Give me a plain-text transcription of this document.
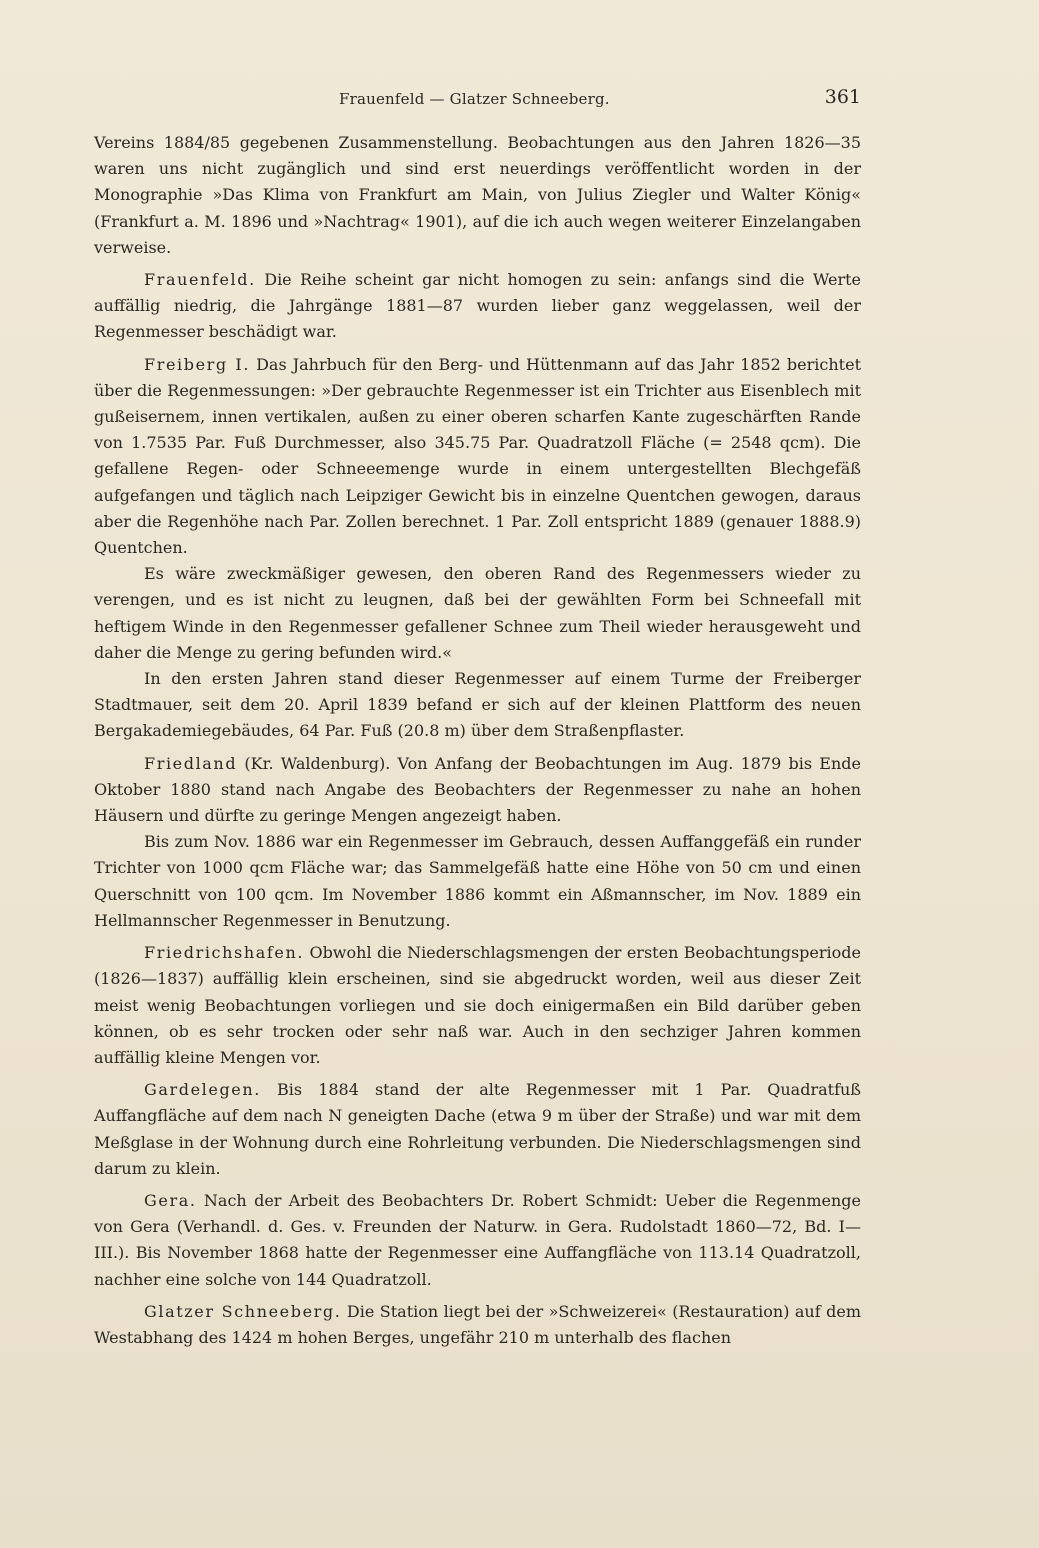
Frauenfeld — Glatzer Schneeberg.	361

Vereins 1884/85 gegebenen Zusammenstellung. Beobachtungen aus den Jahren 1826—35 waren uns nicht zugänglich und sind erst neuerdings veröffentlicht worden in der Monographie »Das Klima von Frankfurt am Main, von Julius Ziegler und Walter König« (Frankfurt a. M. 1896 und »Nachtrag« 1901), auf die ich auch wegen weiterer Einzelangaben verweise.

Frauenfeld. Die Reihe scheint gar nicht homogen zu sein: anfangs sind die Werte auffällig niedrig, die Jahrgänge 1881—87 wurden lieber ganz weggelassen, weil der Regenmesser beschädigt war.

Freiberg I. Das Jahrbuch für den Berg- und Hüttenmann auf das Jahr 1852 berichtet über die Regenmessungen: »Der gebrauchte Regenmesser ist ein Trichter aus Eisenblech mit gußeisernem, innen vertikalen, außen zu einer oberen scharfen Kante zugeschärften Rande von 1.7535 Par. Fuß Durchmesser, also 345.75 Par. Quadratzoll Fläche (= 2548 qcm). Die gefallene Regen- oder Schneeemenge wurde in einem untergestellten Blechgefäß aufgefangen und täglich nach Leipziger Gewicht bis in einzelne Quentchen gewogen, daraus aber die Regenhöhe nach Par. Zollen berechnet. 1 Par. Zoll entspricht 1889 (genauer 1888.9) Quentchen.

Es wäre zweckmäßiger gewesen, den oberen Rand des Regenmessers wieder zu verengen, und es ist nicht zu leugnen, daß bei der gewählten Form bei Schneefall mit heftigem Winde in den Regenmesser gefallener Schnee zum Theil wieder herausgeweht und daher die Menge zu gering befunden wird.«

In den ersten Jahren stand dieser Regenmesser auf einem Turme der Freiberger Stadtmauer, seit dem 20. April 1839 befand er sich auf der kleinen Plattform des neuen Bergakademiegebäudes, 64 Par. Fuß (20.8 m) über dem Straßenpflaster.

Friedland (Kr. Waldenburg). Von Anfang der Beobachtungen im Aug. 1879 bis Ende Oktober 1880 stand nach Angabe des Beobachters der Regenmesser zu nahe an hohen Häusern und dürfte zu geringe Mengen angezeigt haben.

Bis zum Nov. 1886 war ein Regenmesser im Gebrauch, dessen Auffanggefäß ein runder Trichter von 1000 qcm Fläche war; das Sammelgefäß hatte eine Höhe von 50 cm und einen Querschnitt von 100 qcm. Im November 1886 kommt ein Aßmannscher, im Nov. 1889 ein Hellmannscher Regenmesser in Benutzung.

Friedrichshafen. Obwohl die Niederschlagsmengen der ersten Beobachtungsperiode (1826—1837) auffällig klein erscheinen, sind sie abgedruckt worden, weil aus dieser Zeit meist wenig Beobachtungen vorliegen und sie doch einigermaßen ein Bild darüber geben können, ob es sehr trocken oder sehr naß war. Auch in den sechziger Jahren kommen auffällig kleine Mengen vor.

Gardelegen. Bis 1884 stand der alte Regenmesser mit 1 Par. Quadratfuß Auffangfläche auf dem nach N geneigten Dache (etwa 9 m über der Straße) und war mit dem Meßglase in der Wohnung durch eine Rohrleitung verbunden. Die Niederschlagsmengen sind darum zu klein.

Gera. Nach der Arbeit des Beobachters Dr. Robert Schmidt: Ueber die Regenmenge von Gera (Verhandl. d. Ges. v. Freunden der Naturw. in Gera. Rudolstadt 1860—72, Bd. I—III.). Bis November 1868 hatte der Regenmesser eine Auffangfläche von 113.14 Quadratzoll, nachher eine solche von 144 Quadratzoll.

Glatzer Schneeberg. Die Station liegt bei der »Schweizerei« (Restauration) auf dem Westabhang des 1424 m hohen Berges, ungefähr 210 m unterhalb des flachen
